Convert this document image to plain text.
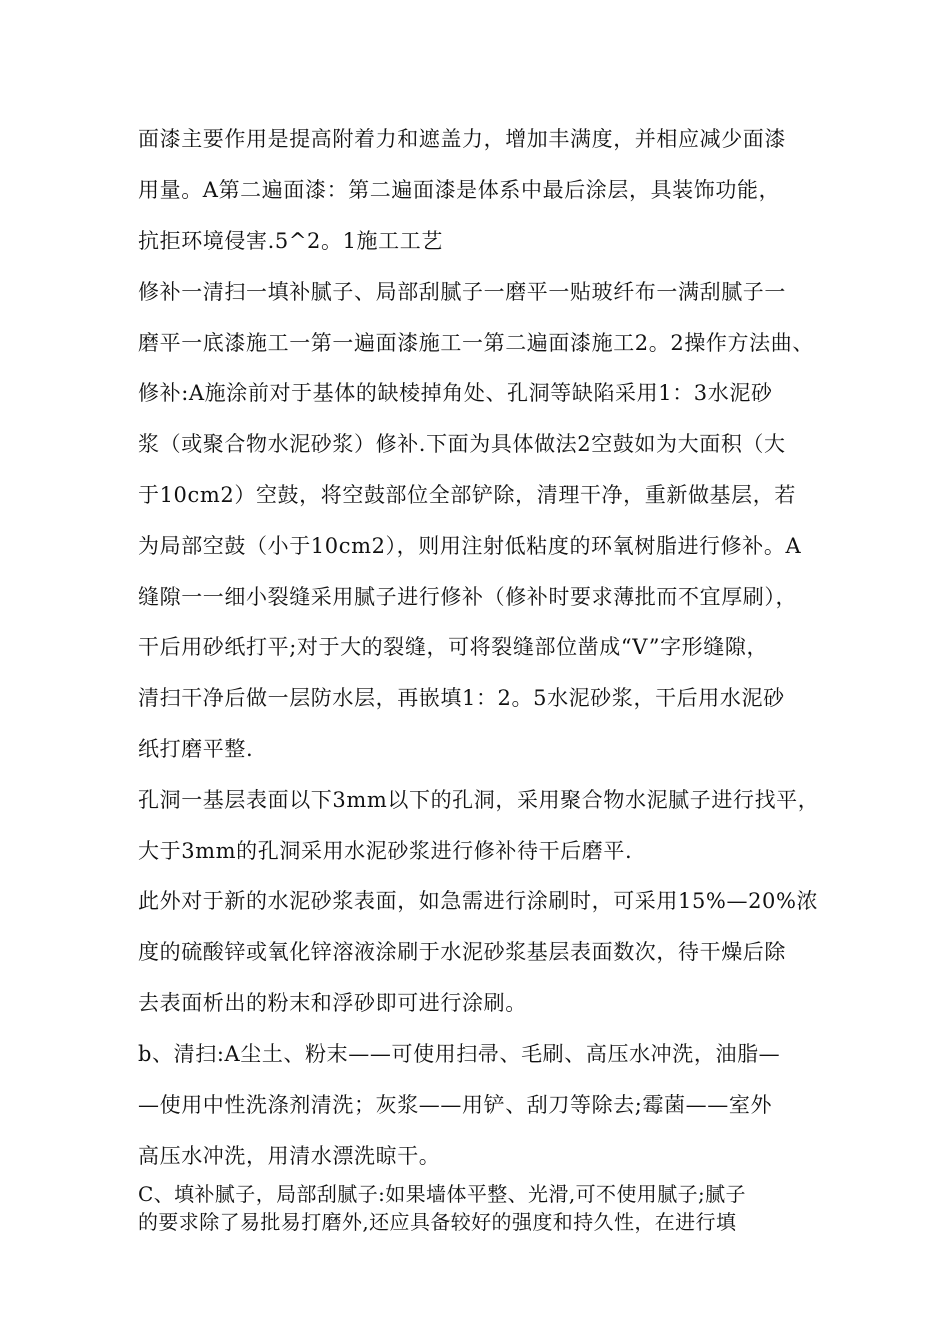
面漆主要作用是提高附着力和遮盖力，增加丰满度，并相应减少面漆
用量。A第二遍面漆：第二遍面漆是体系中最后涂层，具装饰功能，
抗拒环境侵害.5^2。1施工工艺
修补一清扫一填补腻子、局部刮腻子一磨平一贴玻纤布一满刮腻子一
磨平一底漆施工一第一遍面漆施工一第二遍面漆施工2。2操作方法曲、
修补:A施涂前对于基体的缺棱掉角处、孔洞等缺陷采用1：3水泥砂
浆（或聚合物水泥砂浆）修补.下面为具体做法2空鼓如为大面积（大
于10cm2）空鼓，将空鼓部位全部铲除，清理干净，重新做基层，若
为局部空鼓（小于10cm2），则用注射低粘度的环氧树脂进行修补。A
缝隙一一细小裂缝采用腻子进行修补（修补时要求薄批而不宜厚刷），
干后用砂纸打平;对于大的裂缝，可将裂缝部位凿成“V”字形缝隙，
清扫干净后做一层防水层，再嵌填1：2。5水泥砂浆，干后用水泥砂
纸打磨平整.
孔洞一基层表面以下3mm以下的孔洞，采用聚合物水泥腻子进行找平，
大于3mm的孔洞采用水泥砂浆进行修补待干后磨平.
此外对于新的水泥砂浆表面，如急需进行涂刷时，可采用15%—20%浓
度的硫酸锌或氧化锌溶液涂刷于水泥砂浆基层表面数次，待干燥后除
去表面析出的粉末和浮砂即可进行涂刷。
b、清扫:A尘土、粉末——可使用扫帚、毛刷、高压水冲洗，油脂—
—使用中性洗涤剂清洗；灰浆——用铲、刮刀等除去;霉菌——室外
高压水冲洗，用清水漂洗晾干。
C、填补腻子，局部刮腻子:如果墙体平整、光滑,可不使用腻子;腻子
的要求除了易批易打磨外,还应具备较好的强度和持久性，在进行填
